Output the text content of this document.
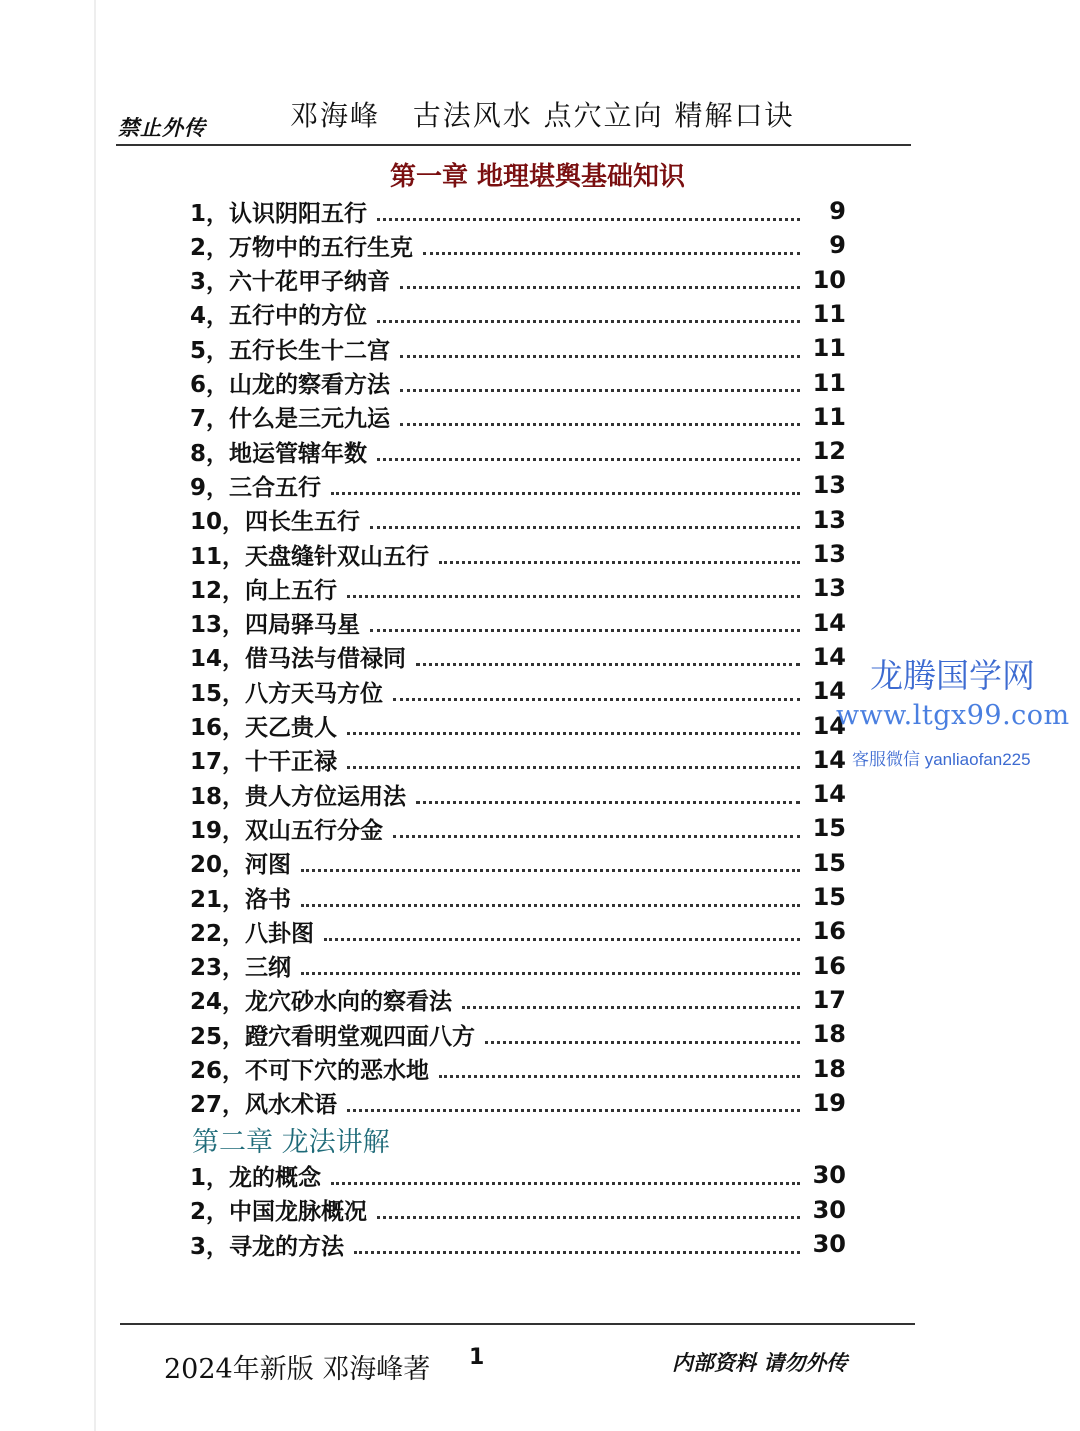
禁止外传	邓海峰   古法风水 点穴立向 精解口诀
第一章 地理堪舆基础知识
1，认识阴阳五行	9
2，万物中的五行生克	9
3，六十花甲子纳音	10
4，五行中的方位	11
5，五行长生十二宫	11
6，山龙的察看方法	11
7，什么是三元九运	11
8，地运管辖年数	12
9，三合五行	13
10，四长生五行	13
11，天盘缝针双山五行	13
12，向上五行	13
13，四局驿马星	14
14，借马法与借禄同	14
15，八方天马方位	14
16，天乙贵人	14
17，十干正禄	14
18，贵人方位运用法	14
19，双山五行分金	15
20，河图	15
21，洛书	15
22，八卦图	16
23，三纲	16
24，龙穴砂水向的察看法	17
25，蹬穴看明堂观四面八方	18
26，不可下穴的恶水地	18
27，风水术语	19
第二章 龙法讲解
1，龙的概念	30
2，中国龙脉概况	30
3，寻龙的方法	30
龙腾国学网
www.ltgx99.com
客服微信 yanliaofan225
2024年新版 邓海峰著 1	内部资料 请勿外传
